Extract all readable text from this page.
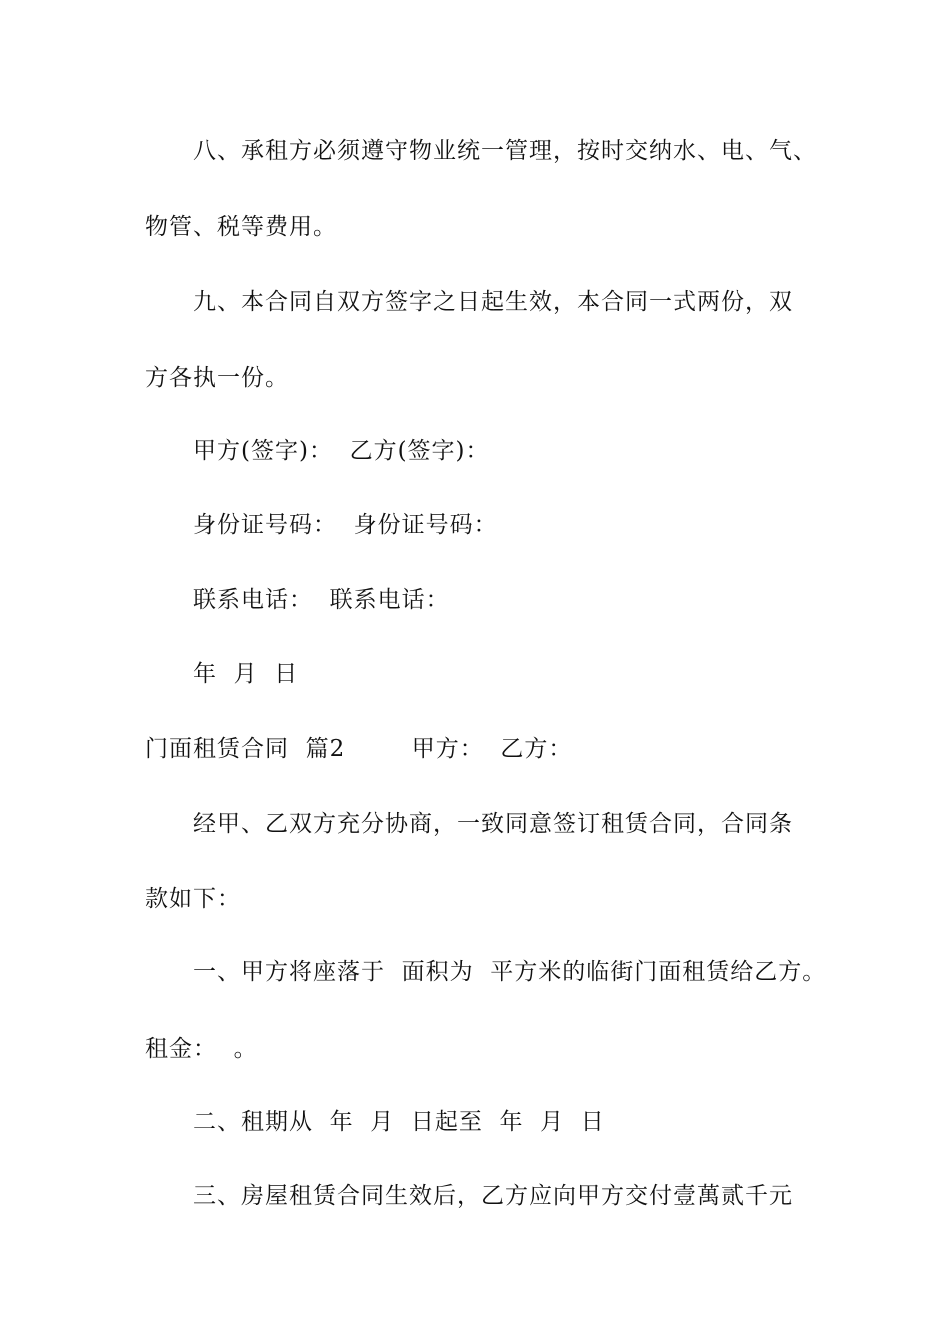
八、承租方必须遵守物业统一管理，按时交纳水、电、气、
物管、税等费用。
九、本合同自双方签字之日起生效，本合同一式两份，双
方各执一份。
甲方(签字)：  乙方(签字)：
身份证号码：  身份证号码：
联系电话：  联系电话：
年  月  日
门面租赁合同  篇2        甲方：  乙方：
经甲、乙双方充分协商，一致同意签订租赁合同，合同条
款如下：
一、甲方将座落于  面积为  平方米的临街门面租赁给乙方。
租金：  。
二、租期从  年  月  日起至  年  月  日
三、房屋租赁合同生效后，乙方应向甲方交付壹萬贰千元
